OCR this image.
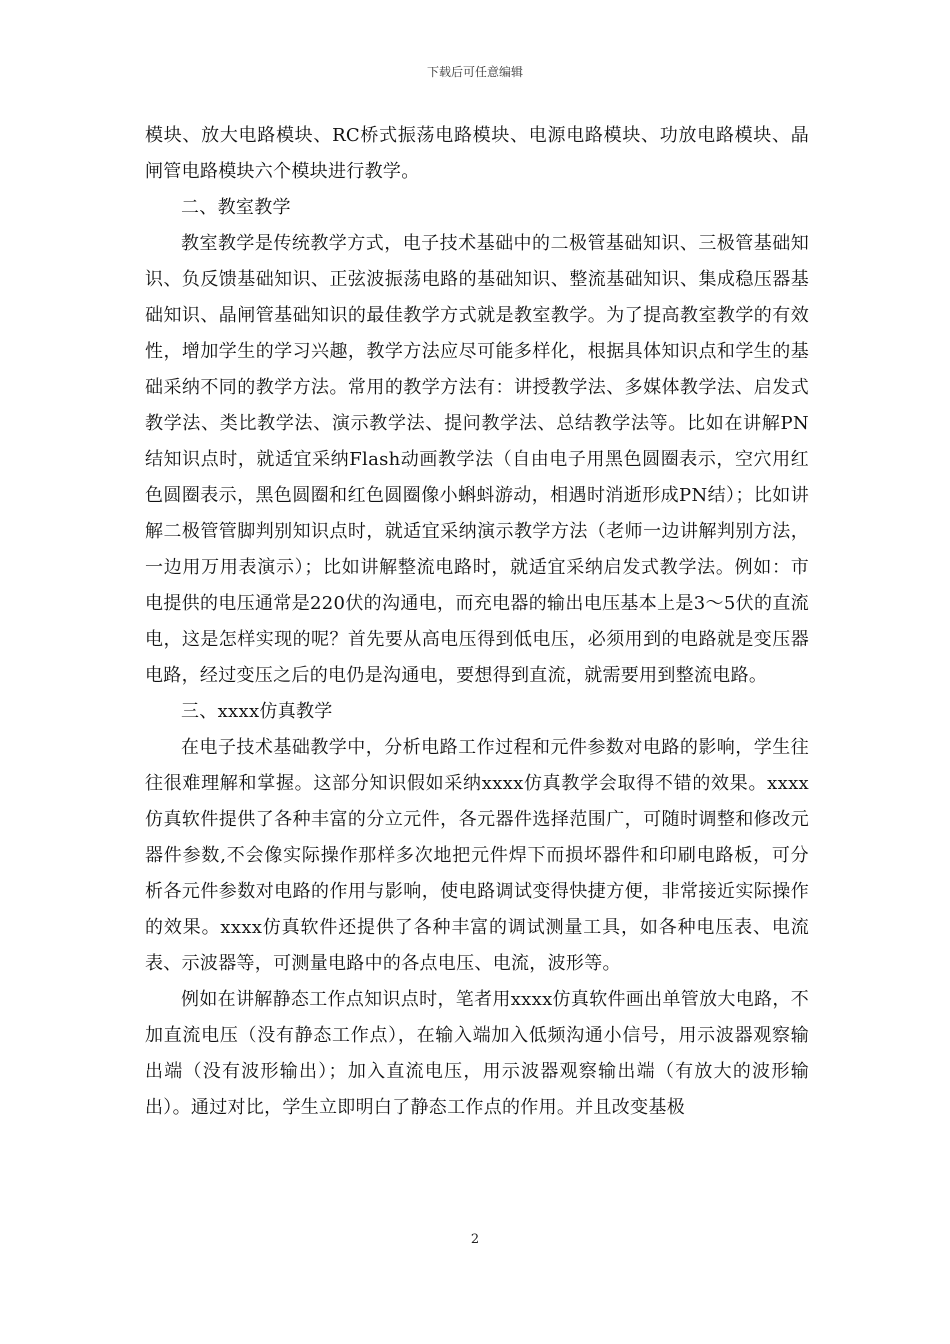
下载后可任意编辑

模块、放大电路模块、RC桥式振荡电路模块、电源电路模块、功放电路模块、晶闸管电路模块六个模块进行教学。

二、教室教学

教室教学是传统教学方式，电子技术基础中的二极管基础知识、三极管基础知识、负反馈基础知识、正弦波振荡电路的基础知识、整流基础知识、集成稳压器基础知识、晶闸管基础知识的最佳教学方式就是教室教学。为了提高教室教学的有效性，增加学生的学习兴趣，教学方法应尽可能多样化，根据具体知识点和学生的基础采纳不同的教学方法。常用的教学方法有：讲授教学法、多媒体教学法、启发式教学法、类比教学法、演示教学法、提问教学法、总结教学法等。比如在讲解PN结知识点时，就适宜采纳Flash动画教学法（自由电子用黑色圆圈表示，空穴用红色圆圈表示，黑色圆圈和红色圆圈像小蝌蚪游动，相遇时消逝形成PN结）；比如讲解二极管管脚判别知识点时，就适宜采纳演示教学方法（老师一边讲解判别方法，一边用万用表演示）；比如讲解整流电路时，就适宜采纳启发式教学法。例如：市电提供的电压通常是220伏的沟通电，而充电器的输出电压基本上是3～5伏的直流电，这是怎样实现的呢？首先要从高电压得到低电压，必须用到的电路就是变压器电路，经过变压之后的电仍是沟通电，要想得到直流，就需要用到整流电路。

三、xxxx仿真教学

在电子技术基础教学中，分析电路工作过程和元件参数对电路的影响，学生往往很难理解和掌握。这部分知识假如采纳xxxx仿真教学会取得不错的效果。xxxx仿真软件提供了各种丰富的分立元件，各元器件选择范围广，可随时调整和修改元器件参数,不会像实际操作那样多次地把元件焊下而损坏器件和印刷电路板，可分析各元件参数对电路的作用与影响，使电路调试变得快捷方便，非常接近实际操作的效果。xxxx仿真软件还提供了各种丰富的调试测量工具，如各种电压表、电流表、示波器等，可测量电路中的各点电压、电流，波形等。

例如在讲解静态工作点知识点时，笔者用xxxx仿真软件画出单管放大电路，不加直流电压（没有静态工作点），在输入端加入低频沟通小信号，用示波器观察输出端（没有波形输出）；加入直流电压，用示波器观察输出端（有放大的波形输出）。通过对比，学生立即明白了静态工作点的作用。并且改变基极

2
